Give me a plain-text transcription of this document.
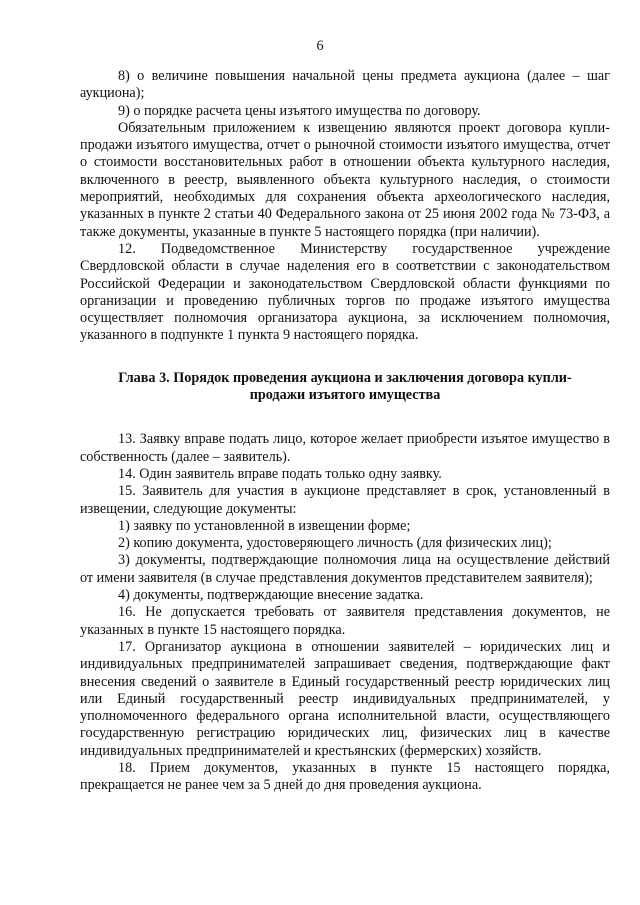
6

8) о величине повышения начальной цены предмета аукциона (далее – шаг аукциона);

9) о порядке расчета цены изъятого имущества по договору.

Обязательным приложением к извещению являются проект договора купли-продажи изъятого имущества, отчет о рыночной стоимости изъятого имущества, отчет о стоимости восстановительных работ в отношении объекта культурного наследия, включенного в реестр, выявленного объекта культурного наследия, о стоимости мероприятий, необходимых для сохранения объекта археологического наследия, указанных в пункте 2 статьи 40 Федерального закона от 25 июня 2002 года № 73-ФЗ, а также документы, указанные в пункте 5 настоящего порядка (при наличии).

12. Подведомственное Министерству государственное учреждение Свердловской области в случае наделения его в соответствии с законодательством Российской Федерации и законодательством Свердловской области функциями по организации и проведению публичных торгов по продаже изъятого имущества осуществляет полномочия организатора аукциона, за исключением полномочия, указанного в подпункте 1 пункта 9 настоящего порядка.

Глава 3. Порядок проведения аукциона и заключения договора купли-продажи изъятого имущества

13. Заявку вправе подать лицо, которое желает приобрести изъятое имущество в собственность (далее – заявитель).

14. Один заявитель вправе подать только одну заявку.

15. Заявитель для участия в аукционе представляет в срок, установленный в извещении, следующие документы:

1) заявку по установленной в извещении форме;

2) копию документа, удостоверяющего личность (для физических лиц);

3) документы, подтверждающие полномочия лица на осуществление действий от имени заявителя (в случае представления документов представителем заявителя);

4) документы, подтверждающие внесение задатка.

16. Не допускается требовать от заявителя представления документов, не указанных в пункте 15 настоящего порядка.

17. Организатор аукциона в отношении заявителей – юридических лиц и индивидуальных предпринимателей запрашивает сведения, подтверждающие факт внесения сведений о заявителе в Единый государственный реестр юридических лиц или Единый государственный реестр индивидуальных предпринимателей, у уполномоченного федерального органа исполнительной власти, осуществляющего государственную регистрацию юридических лиц, физических лиц в качестве индивидуальных предпринимателей и крестьянских (фермерских) хозяйств.

18. Прием документов, указанных в пункте 15 настоящего порядка, прекращается не ранее чем за 5 дней до дня проведения аукциона.
